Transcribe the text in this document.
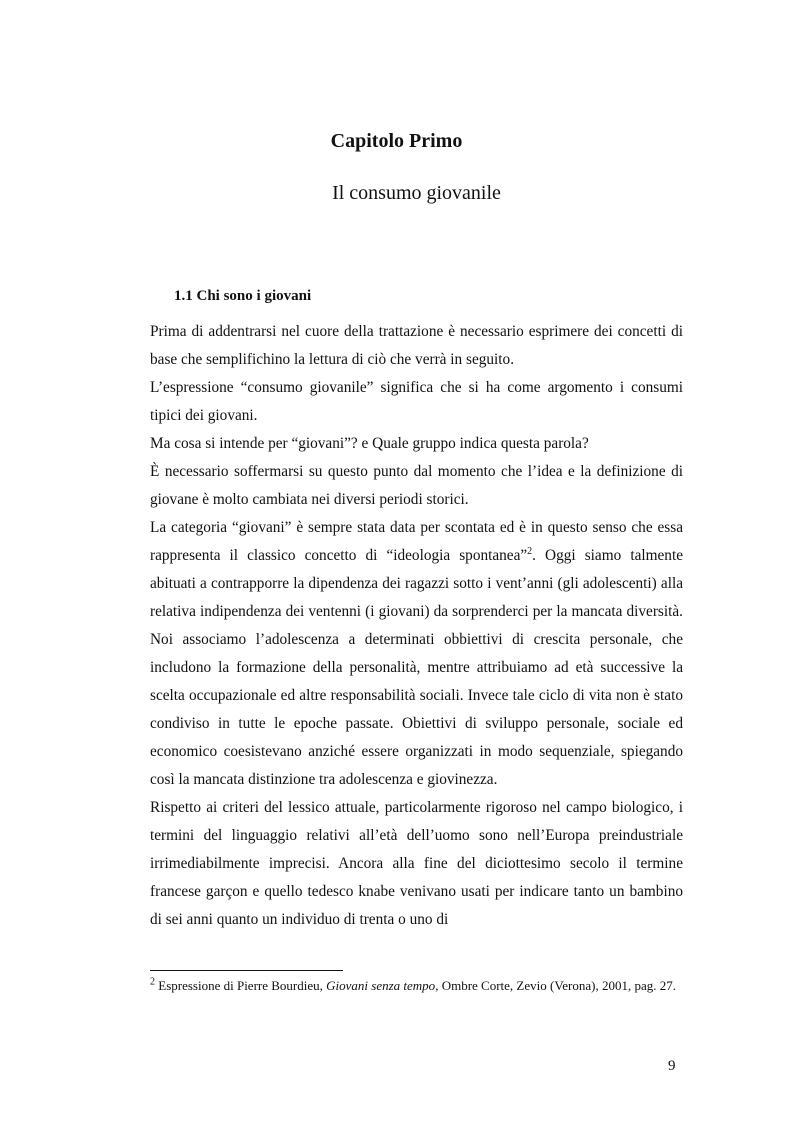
Capitolo Primo
Il consumo giovanile
1.1 Chi sono i giovani

Prima di addentrarsi nel cuore della trattazione è necessario esprimere dei concetti di base che semplifichino la lettura di ciò che verrà in seguito.

L’espressione “consumo giovanile” significa che si ha come argomento i consumi tipici dei giovani.

Ma cosa si intende per “giovani”? e Quale gruppo indica questa parola?

È necessario soffermarsi su questo punto dal momento che l’idea e la definizione di giovane è molto cambiata nei diversi periodi storici.

La categoria “giovani” è sempre stata data per scontata ed è in questo senso che essa rappresenta il classico concetto di “ideologia spontanea”$^2$. Oggi siamo talmente abituati a contrapporre la dipendenza dei ragazzi sotto i vent’anni (gli adolescenti) alla relativa indipendenza dei ventenni (i giovani) da sorprenderci per la mancata diversità. Noi associamo l’adolescenza a determinati obbiettivi di crescita personale, che includono la formazione della personalità, mentre attribuiamo ad età successive la scelta occupazionale ed altre responsabilità sociali. Invece tale ciclo di vita non è stato condiviso in tutte le epoche passate. Obiettivi di sviluppo personale, sociale ed economico coesistevano anziché essere organizzati in modo sequenziale, spiegando così la mancata distinzione tra adolescenza e giovinezza.

Rispetto ai criteri del lessico attuale, particolarmente rigoroso nel campo biologico, i termini del linguaggio relativi all’età dell’uomo sono nell’Europa preindustriale irrimediabilmente imprecisi. Ancora alla fine del diciottesimo secolo il termine francese garçon e quello tedesco knabe venivano usati per indicare tanto un bambino di sei anni quanto un individuo di trenta o uno di

$^2$ Espressione di Pierre Bourdieu, Giovani senza tempo, Ombre Corte, Zevio (Verona), 2001, pag. 27.

9
